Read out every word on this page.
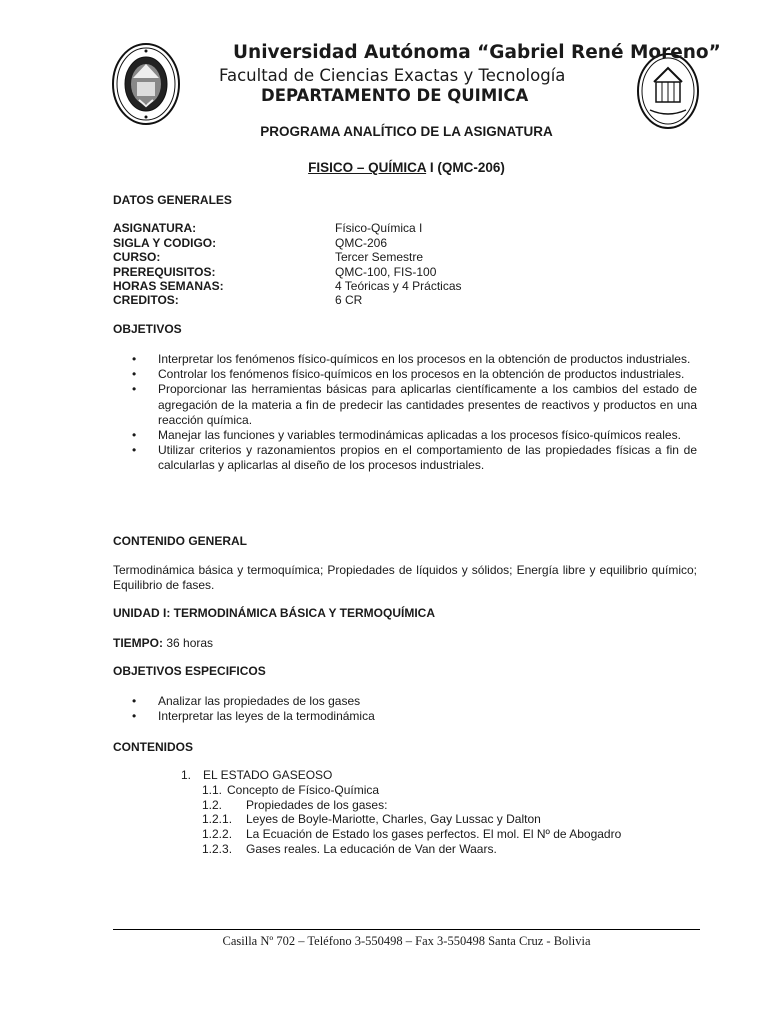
Universidad Autónoma “Gabriel René Moreno”
Facultad de Ciencias Exactas y Tecnología
DEPARTAMENTO DE QUIMICA
PROGRAMA ANALÍTICO DE LA ASIGNATURA
FISICO – QUÍMICA I (QMC-206)
DATOS GENERALES
ASIGNATURA:	Físico-Química I
SIGLA Y CODIGO:	QMC-206
CURSO:	Tercer Semestre
PREREQUISITOS:	QMC-100, FIS-100
HORAS SEMANAS:	4 Teóricas y 4 Prácticas
CREDITOS:	6 CR
OBJETIVOS
• Interpretar los fenómenos físico-químicos en los procesos en la obtención de productos industriales.
• Controlar los fenómenos físico-químicos en los procesos en la obtención de productos industriales.
• Proporcionar las herramientas básicas para aplicarlas científicamente a los cambios del estado de agregación de la materia a fin de predecir las cantidades presentes de reactivos y productos en una reacción química.
• Manejar las funciones y variables termodinámicas aplicadas a los procesos físico-químicos reales.
• Utilizar criterios y razonamientos propios en el comportamiento de las propiedades físicas a fin de calcularlas y aplicarlas al diseño de los procesos industriales.
CONTENIDO GENERAL
Termodinámica básica y termoquímica; Propiedades de líquidos y sólidos; Energía libre y equilibrio químico; Equilibrio de fases.
UNIDAD I: TERMODINÁMICA BÁSICA Y TERMOQUÍMICA
TIEMPO: 36 horas
OBJETIVOS ESPECIFICOS
• Analizar las propiedades de los gases
• Interpretar las leyes de la termodinámica
CONTENIDOS
1. EL ESTADO GASEOSO
1.1. Concepto de Físico-Química
1.2. Propiedades de los gases:
1.2.1. Leyes de Boyle-Mariotte, Charles, Gay Lussac y Dalton
1.2.2. La Ecuación de Estado los gases perfectos. El mol. El Nº de Abogadro
1.2.3. Gases reales. La educación de Van der Waars.
Casilla Nº 702 – Teléfono 3-550498 – Fax 3-550498 Santa Cruz - Bolivia
